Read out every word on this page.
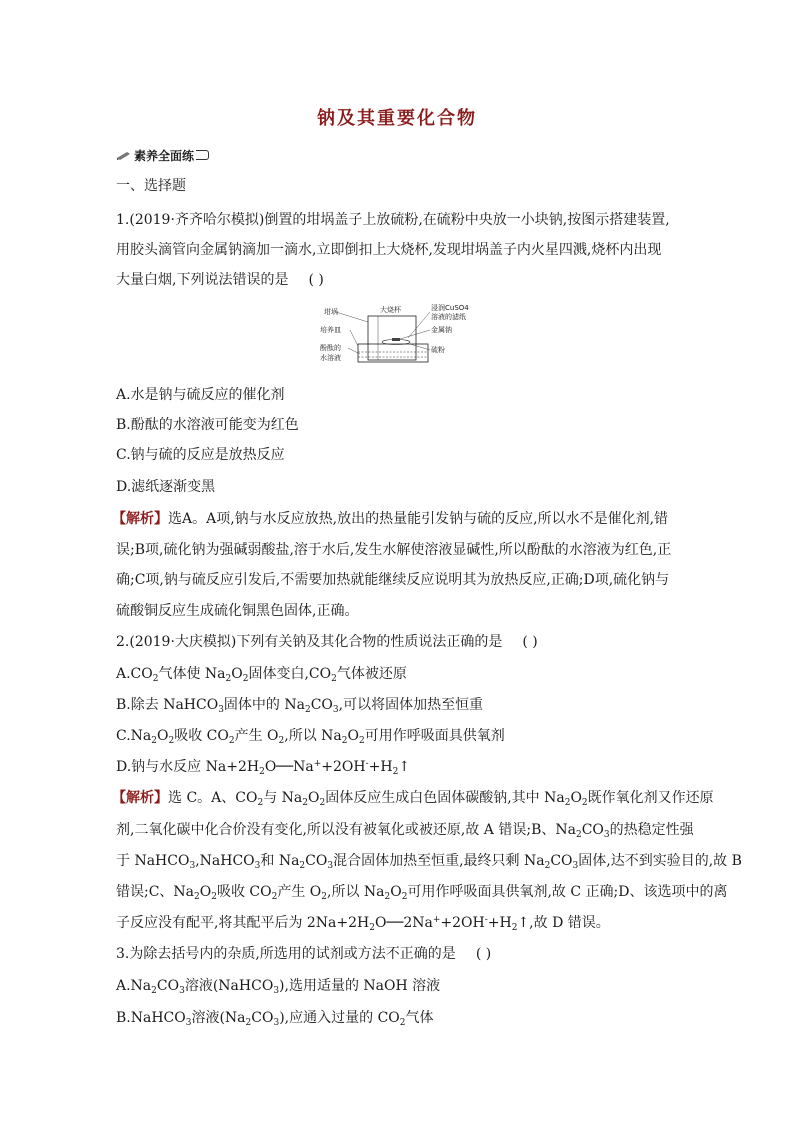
钠及其重要化合物
素养全面练
一、选择题
1.(2019·齐齐哈尔模拟)倒置的坩埚盖子上放硫粉,在硫粉中央放一小块钠,按图示搭建装置,
用胶头滴管向金属钠滴加一滴水,立即倒扣上大烧杯,发现坩埚盖子内火星四溅,烧杯内出现
大量白烟,下列说法错误的是 ( )
坩埚	大烧杯	浸润CuSO4
溶液的滤纸
金属钠
培养皿
酚酞的
水溶液
硫粉
A.水是钠与硫反应的催化剂
B.酚酞的水溶液可能变为红色
C.钠与硫的反应是放热反应
D.滤纸逐渐变黑
【解析】选A。A项,钠与水反应放热,放出的热量能引发钠与硫的反应,所以水不是催化剂,错
误;B项,硫化钠为强碱弱酸盐,溶于水后,发生水解使溶液显碱性,所以酚酞的水溶液为红色,正
确;C项,钠与硫反应引发后,不需要加热就能继续反应说明其为放热反应,正确;D项,硫化钠与
硫酸铜反应生成硫化铜黑色固体,正确。
2.(2019·大庆模拟)下列有关钠及其化合物的性质说法正确的是 ( )
$A.CO_2$气体使 $Na_2O_2$固体变白$,CO_2$气体被还原
B.除去 NaHCO$_3$固体中的 $Na_2CO_3$,可以将固体加热至恒重
$C.Na_2O_2$吸收 $CO_2$产生 $O_2$,所以 $Na_2O_2$可用作呼吸面具供氧剂
D.钠与水反应 $Na+2H_2O──Na^++2OH^-+H_2↑$
【解析】选 C。A、$CO_2$与 $Na_2O_2$固体反应生成白色固体碳酸钠,其中 $Na_2O_2$既作氧化剂又作还原
剂,二氧化碳中化合价没有变化,所以没有被氧化或被还原,故 A 错误;B、$Na_2CO_3$的热稳定性强
于 NaHCO$_3$,NaHCO$_3$和 $Na_2CO_3$混合固体加热至恒重,最终只剩 $Na_2CO_3$固体,达不到实验目的,故 B
错误;C、$Na_2O_2$吸收 $CO_2$产生 $O_2$,所以 $Na_2O_2$可用作呼吸面具供氧剂,故 C 正确;D、该选项中的离
子反应没有配平,将其配平后为 $2Na+2H_2O──2Na^++2OH^-+H_2↑$,故 D 错误。
3.为除去括号内的杂质,所选用的试剂或方法不正确的是 ( )
$A.Na_2CO_3$溶液(NaHCO$_3$),选用适量的 NaOH 溶液
B.NaHCO$_3$溶液$(Na_2CO_3)$,应通入过量的 $CO_2$气体
